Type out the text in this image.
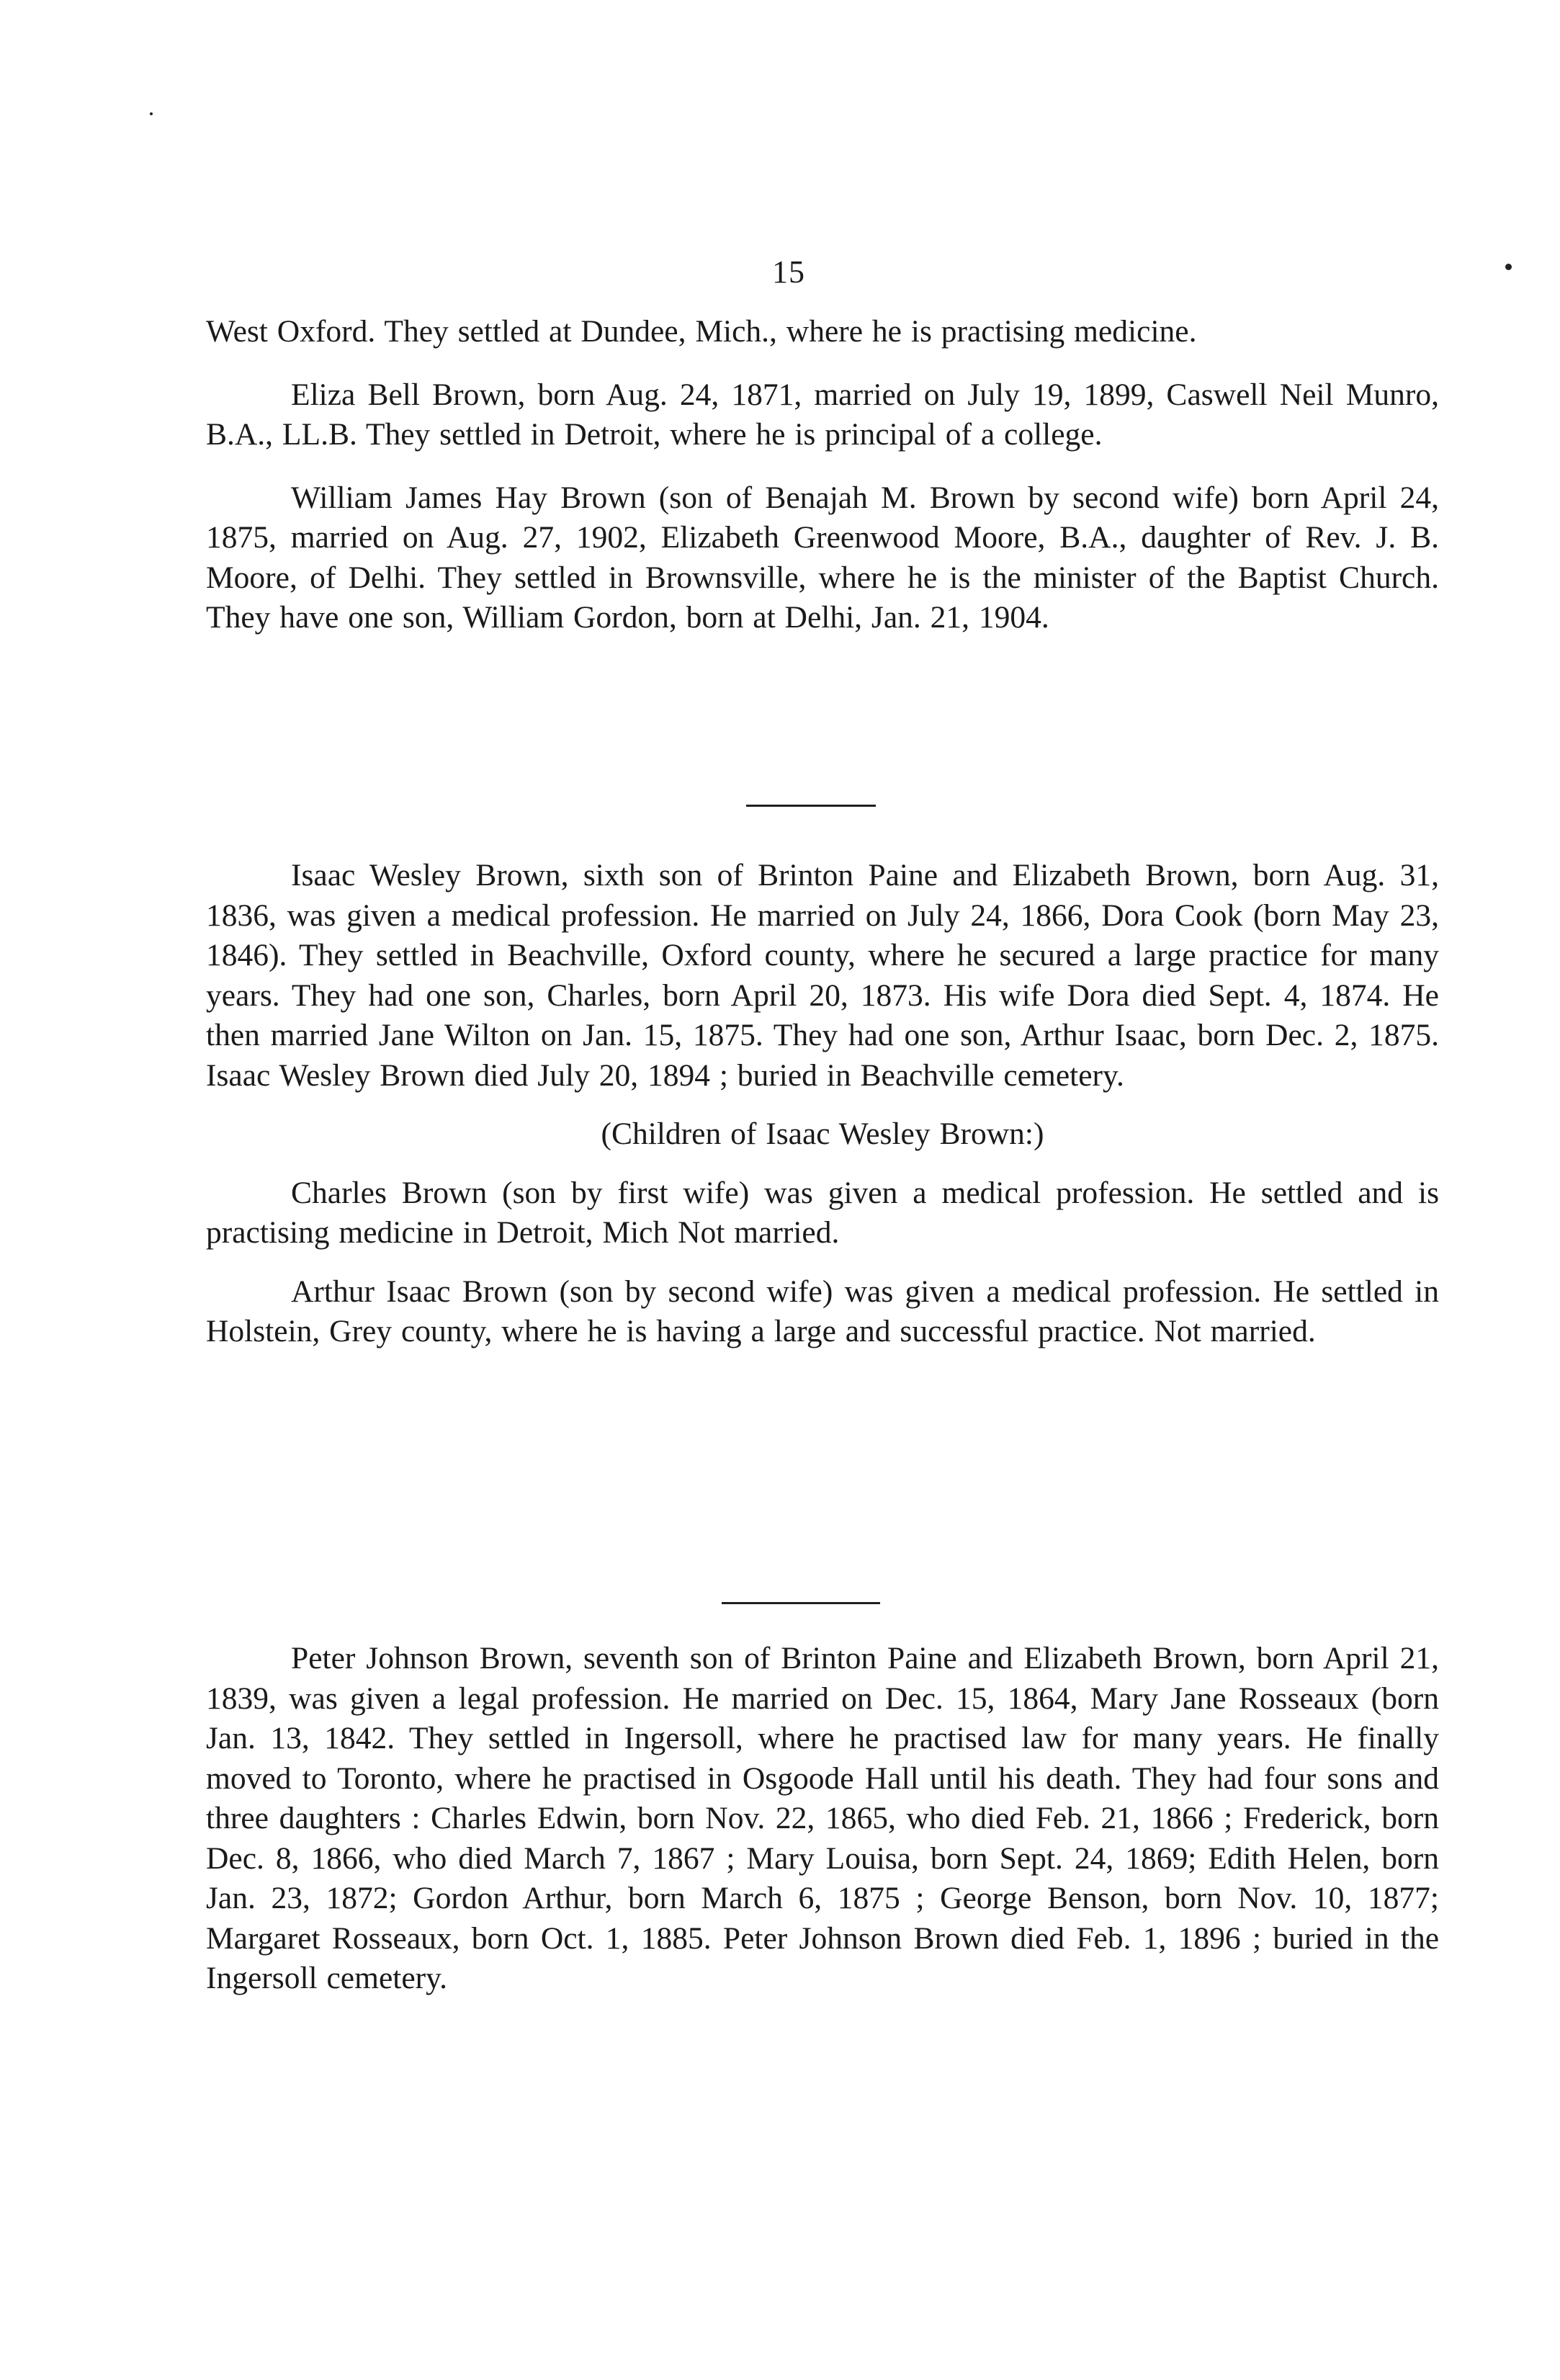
15

West Oxford. They settled at Dundee, Mich., where he is practising medicine.

Eliza Bell Brown, born Aug. 24, 1871, married on July 19, 1899, Caswell Neil Munro, B.A., LL.B. They settled in Detroit, where he is principal of a college.

William James Hay Brown (son of Benajah M. Brown by second wife) born April 24, 1875, married on Aug. 27, 1902, Elizabeth Greenwood Moore, B.A., daughter of Rev. J. B. Moore, of Delhi. They settled in Brownsville, where he is the minister of the Baptist Church. They have one son, William Gordon, born at Delhi, Jan. 21, 1904.

Isaac Wesley Brown, sixth son of Brinton Paine and Elizabeth Brown, born Aug. 31, 1836, was given a medical profession. He married on July 24, 1866, Dora Cook (born May 23, 1846). They settled in Beachville, Oxford county, where he secured a large practice for many years. They had one son, Charles, born April 20, 1873. His wife Dora died Sept. 4, 1874. He then married Jane Wilton on Jan. 15, 1875. They had one son, Arthur Isaac, born Dec. 2, 1875. Isaac Wesley Brown died July 20, 1894 ; buried in Beachville cemetery.

(Children of Isaac Wesley Brown:)

Charles Brown (son by first wife) was given a medical profession. He settled and is practising medicine in Detroit, Mich Not married.

Arthur Isaac Brown (son by second wife) was given a medical profession. He settled in Holstein, Grey county, where he is having a large and successful practice. Not married.

Peter Johnson Brown, seventh son of Brinton Paine and Elizabeth Brown, born April 21, 1839, was given a legal profession. He married on Dec. 15, 1864, Mary Jane Rosseaux (born Jan. 13, 1842. They settled in Ingersoll, where he practised law for many years. He finally moved to Toronto, where he practised in Osgoode Hall until his death. They had four sons and three daughters : Charles Edwin, born Nov. 22, 1865, who died Feb. 21, 1866 ; Frederick, born Dec. 8, 1866, who died March 7, 1867 ; Mary Louisa, born Sept. 24, 1869; Edith Helen, born Jan. 23, 1872; Gordon Arthur, born March 6, 1875 ; George Benson, born Nov. 10, 1877; Margaret Rosseaux, born Oct. 1, 1885. Peter Johnson Brown died Feb. 1, 1896 ; buried in the Ingersoll cemetery.
